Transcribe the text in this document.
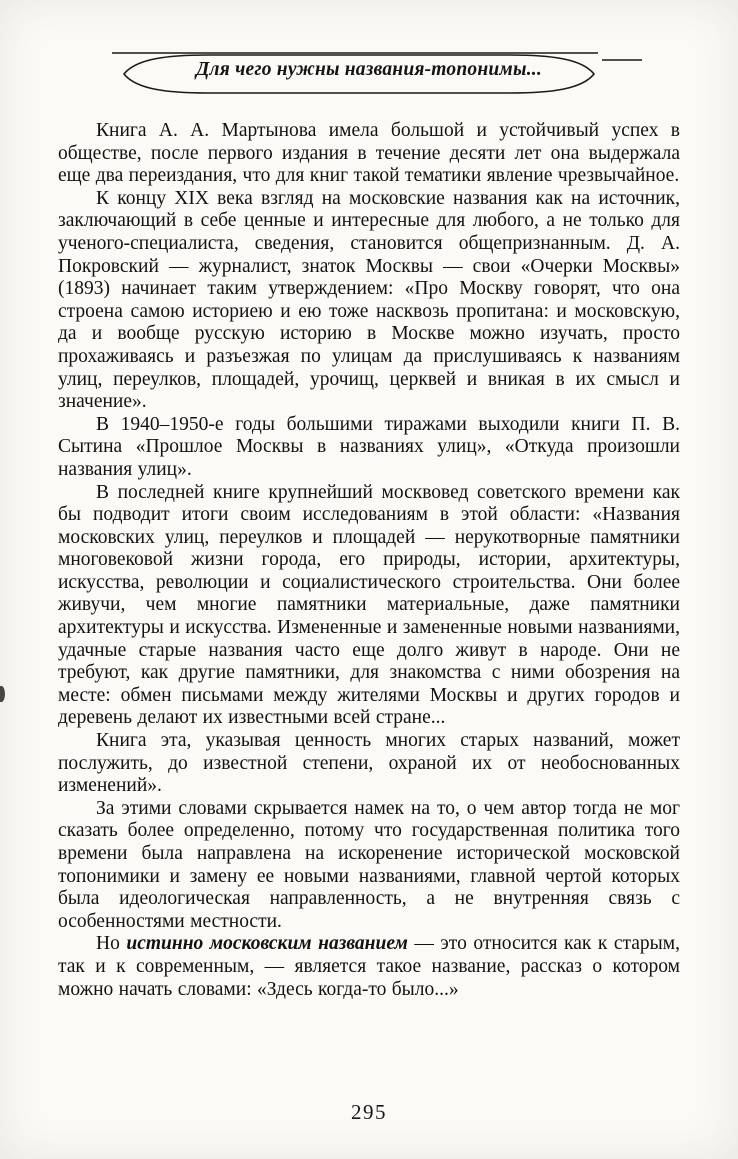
Для чего нужны названия-топонимы...

Книга А. А. Мартынова имела большой и устойчивый успех в обществе, после первого издания в течение десяти лет она выдержала еще два переиздания, что для книг такой тематики явление чрезвычайное.

К концу XIX века взгляд на московские названия как на источник, заключающий в себе ценные и интересные для любого, а не только для ученого-специалиста, сведения, становится общепризнанным. Д. А. Покровский — журналист, знаток Москвы — свои «Очерки Москвы» (1893) начинает таким утверждением: «Про Москву говорят, что она строена самою историею и ею тоже насквозь пропитана: и московскую, да и вообще русскую историю в Москве можно изучать, просто прохаживаясь и разъезжая по улицам да прислушиваясь к названиям улиц, переулков, площадей, урочищ, церквей и вникая в их смысл и значение».

В 1940–1950-е годы большими тиражами выходили книги П. В. Сытина «Прошлое Москвы в названиях улиц», «Откуда произошли названия улиц».

В последней книге крупнейший москвовед советского времени как бы подводит итоги своим исследованиям в этой области: «Названия московских улиц, переулков и площадей — нерукотворные памятники многовековой жизни города, его природы, истории, архитектуры, искусства, революции и социалистического строительства. Они более живучи, чем многие памятники материальные, даже памятники архитектуры и искусства. Измененные и замененные новыми названиями, удачные старые названия часто еще долго живут в народе. Они не требуют, как другие памятники, для знакомства с ними обозрения на месте: обмен письмами между жителями Москвы и других городов и деревень делают их известными всей стране...

Книга эта, указывая ценность многих старых названий, может послужить, до известной степени, охраной их от необоснованных изменений».

За этими словами скрывается намек на то, о чем автор тогда не мог сказать более определенно, потому что государственная политика того времени была направлена на искоренение исторической московской топонимики и замену ее новыми названиями, главной чертой которых была идеологическая направленность, а не внутренняя связь с особенностями местности.

Но истинно московским названием — это относится как к старым, так и к современным, — является такое название, рассказ о котором можно начать словами: «Здесь когда-то было...»

295
